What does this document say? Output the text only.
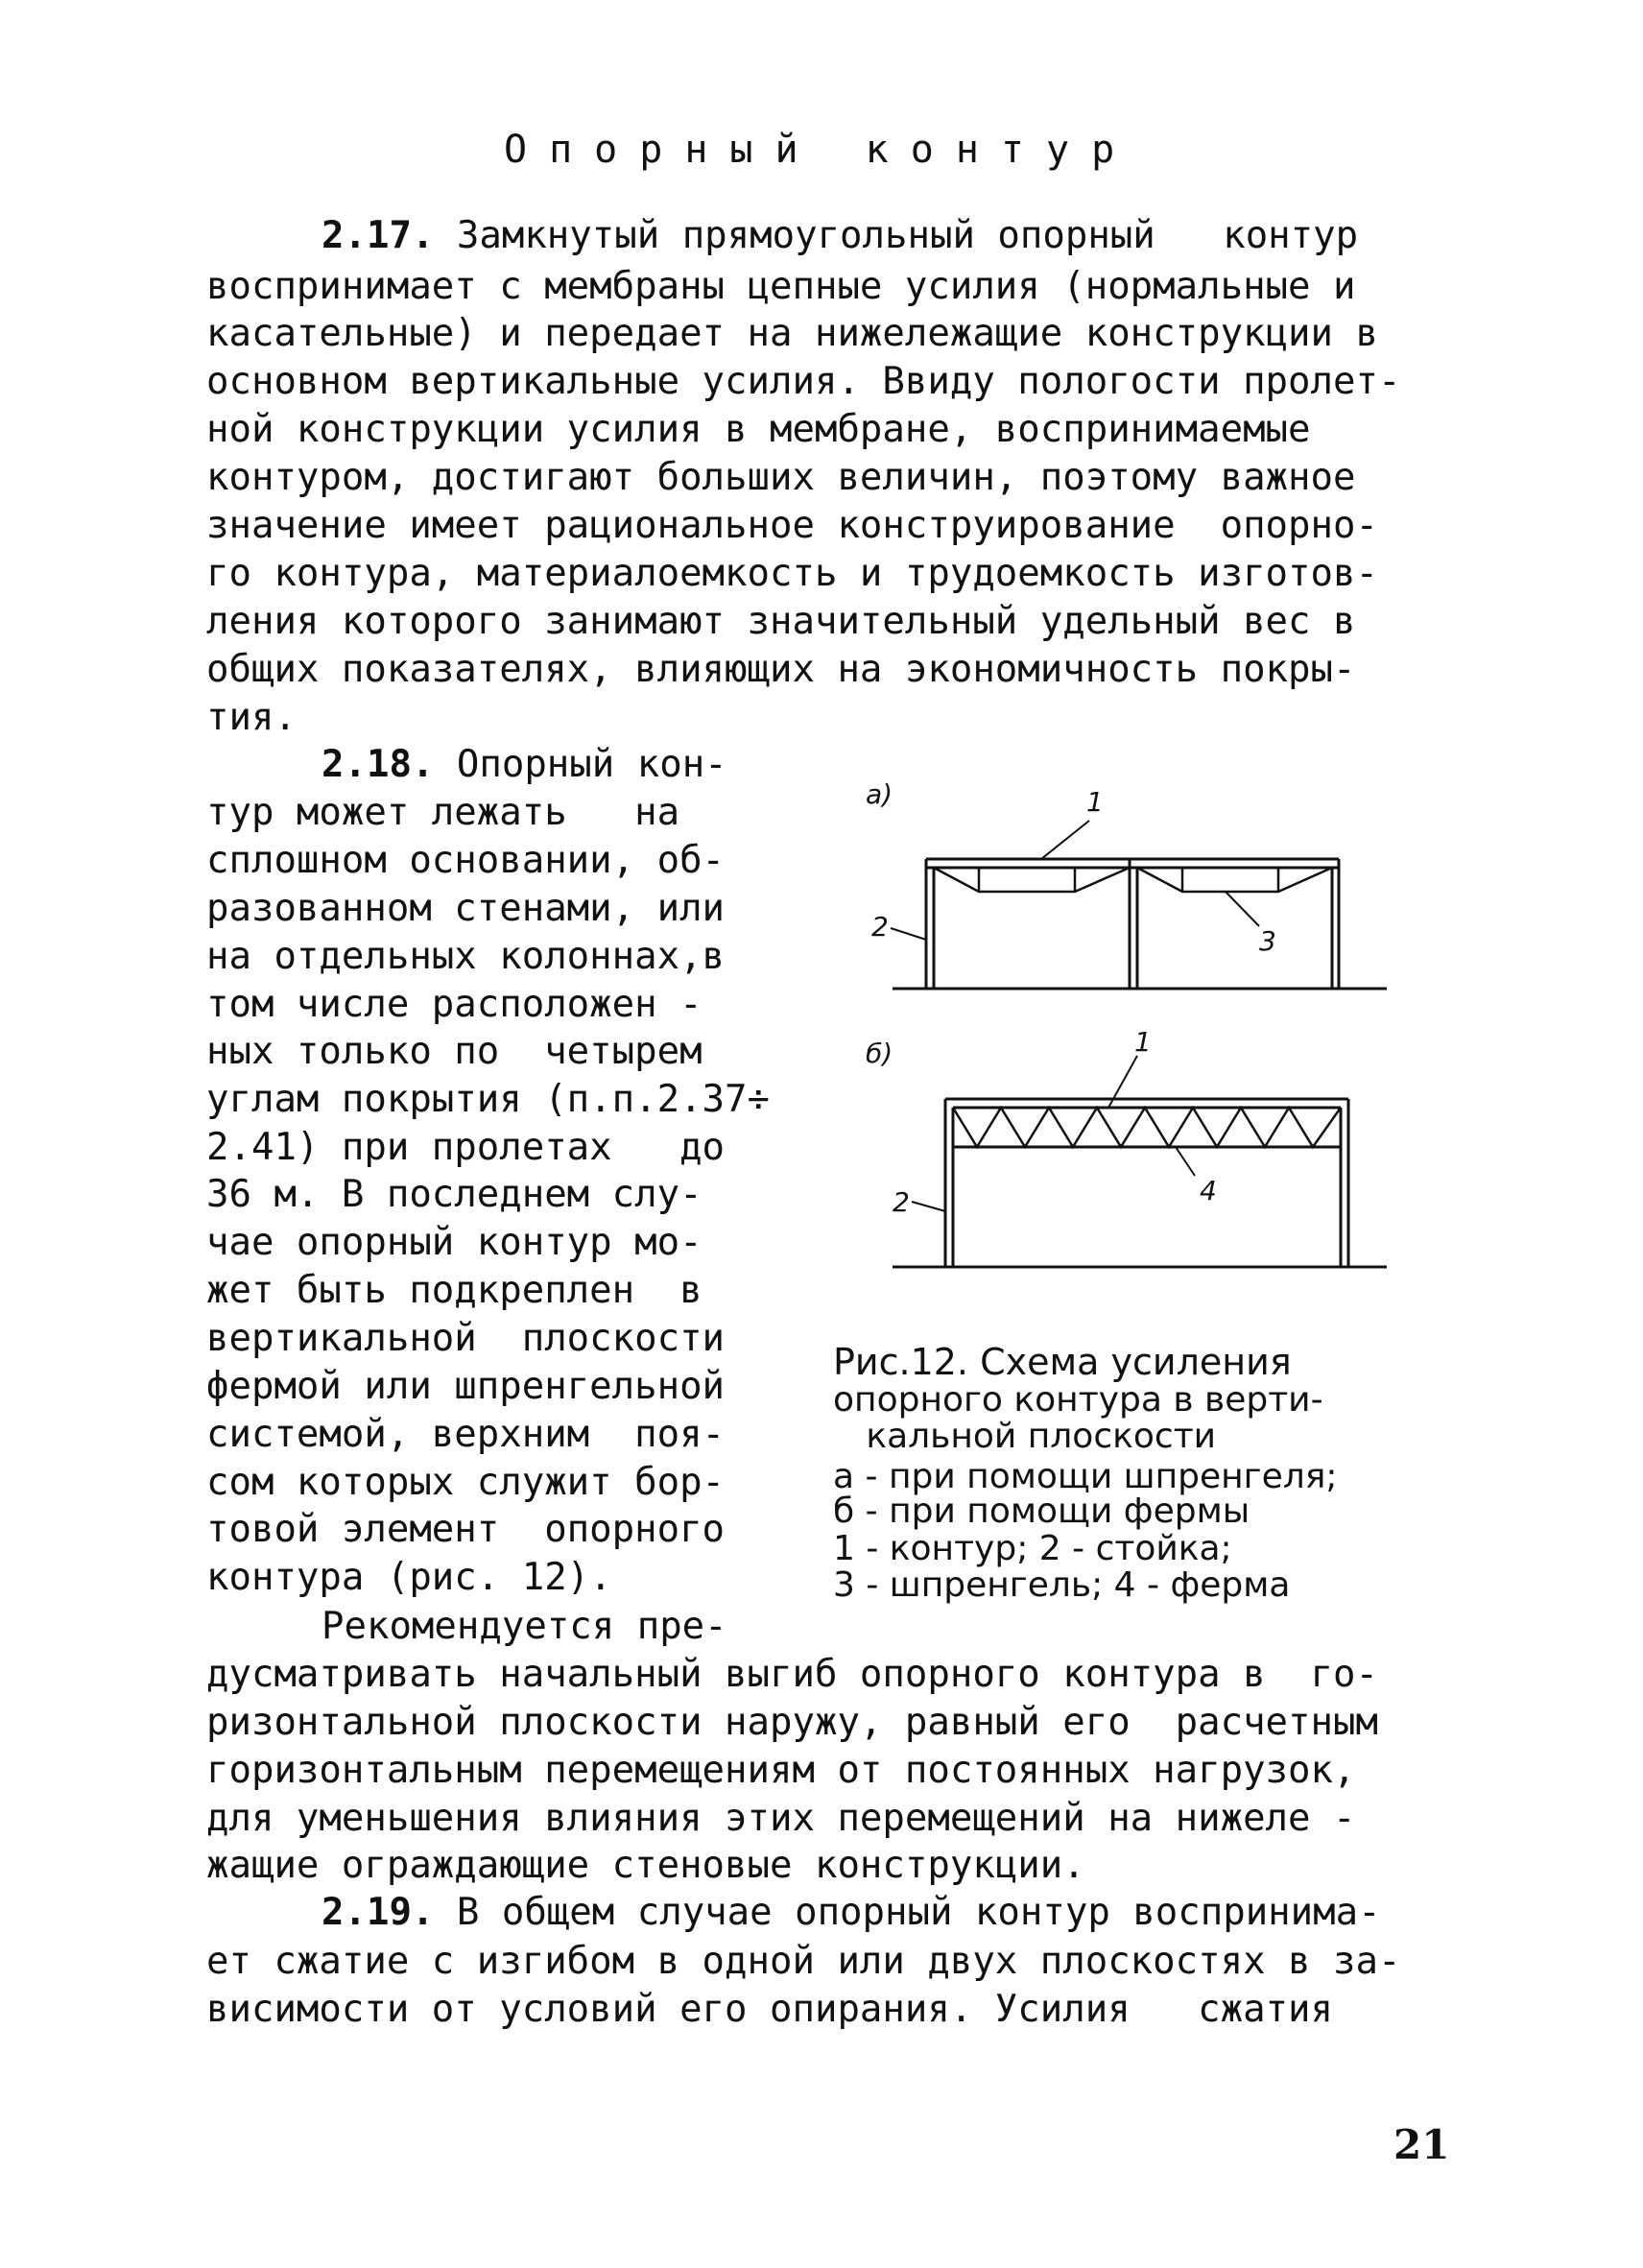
Опорный контур
2.17. Замкнутый прямоугольный опорный   контур
воспринимает с мембраны цепные усилия (нормальные и
касательные) и передает на нижележащие конструкции в
основном вертикальные усилия. Ввиду пологости пролет-
ной конструкции усилия в мембране, воспринимаемые
контуром, достигают больших величин, поэтому важное
значение имеет рациональное конструирование  опорно-
го контура, материалоемкость и трудоемкость изготов-
ления которого занимают значительный удельный вес в
общих показателях, влияющих на экономичность покры-
тия.
2.18. Опорный кон-
тур может лежать   на
сплошном основании, об-
разованном стенами, или
на отдельных колоннах,в
том числе расположен -
ных только по  четырем
углам покрытия (п.п.2.37÷
2.41) при пролетах   до
36 м. В последнем слу-
чае опорный контур мо-
жет быть подкреплен  в
вертикальной  плоскости
фермой или шпренгельной
системой, верхним  поя-
сом которых служит бор-
товой элемент  опорного
контура (рис. 12).
Рекомендуется пре-
а)	1
2	3
б)	1
2	4
Рис.12. Схема усиления
опорного контура в верти-
кальной плоскости
а - при помощи шпренгеля;
б - при помощи фермы
1 - контур; 2 - стойка;
3 - шпренгель; 4 - ферма
дусматривать начальный выгиб опорного контура в  го-
ризонтальной плоскости наружу, равный его  расчетным
горизонтальным перемещениям от постоянных нагрузок,
для уменьшения влияния этих перемещений на нижеле -
жащие ограждающие стеновые конструкции.
2.19. В общем случае опорный контур воспринима-
ет сжатие с изгибом в одной или двух плоскостях в за-
висимости от условий его опирания. Усилия   сжатия
21
